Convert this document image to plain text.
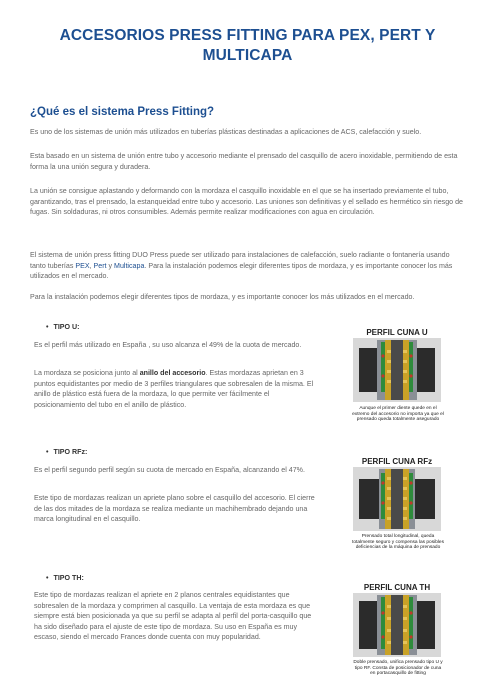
ACCESORIOS PRESS FITTING PARA PEX, PERT Y MULTICAPA
¿Qué es el sistema Press Fitting?
Es uno de los sistemas de unión más utilizados en tuberías plásticas destinadas a aplicaciones de ACS, calefacción y suelo.
Esta basado en un sistema de unión entre tubo y accesorio mediante el prensado del casquillo de acero inoxidable, permitiendo de esta forma la una unión segura y duradera.
La unión se consigue aplastando y deformando con la mordaza el casquillo inoxidable en el que se ha insertado previamente el tubo, garantizando, tras el prensado, la estanqueidad entre tubo y accesorio. Las uniones son definitivas y el sellado es hermético sin riesgo de fugas. Sin soldaduras, ni otros consumibles. Además permite realizar modificaciones con agua en circulación.
El sistema de unión press fitting DUO Press puede ser utilizado para instalaciones de calefacción, suelo radiante o fontanería usando tanto tuberías PEX, Pert y Multicapa. Para la instalación podemos elegir diferentes tipos de mordaza, y es importante conocer los más utilizados en el mercado.
Para la instalación podemos elegir diferentes tipos de mordaza, y es importante conocer los más utilizados en el mercado.
• TIPO U:
Es el perfil más utilizado en España , su uso alcanza el 49% de la cuota de mercado.
La mordaza se posiciona junto al anillo del accesorio. Estas mordazas aprietan en 3 puntos equidistantes por medio de 3 perfiles triangulares que sobresalen de la misma. El anillo de plástico está fuera de la mordaza, lo que permite ver fácilmente el posicionamiento del tubo en el anillo de plástico.
PERFIL CUNA U
Aunque el primer diente quede en el extremo del accesorio no importa ya que el prensado queda totalmente asegurado
• TIPO RFz:
Es el perfil segundo perfil según su cuota de mercado en España, alcanzando el 47%.
Este tipo de mordazas realizan un apriete plano sobre el casquillo del accesorio. El cierre de las dos mitades de la mordaza se realiza mediante un machihembrado dejando una marca longitudinal en el casquillo.
PERFIL CUNA RFz
Prensado total longitudinal, queda totalmente seguro y compensa las posibles deficiencias de la máquina de prensado
• TIPO TH:
Este tipo de mordazas realizan el apriete en 2 planos centrales equidistantes que sobresalen de la mordaza y comprimen al casquillo. La ventaja de esta mordaza es que siempre está bien posicionada ya que su perfil se adapta al perfil del porta-casquillo que ha sido diseñado para el ajuste de este tipo de mordaza. Su uso en España es muy escaso, siendo el mercado Frances donde cuenta con muy popularidad.
PERFIL CUNA TH
Doble prensado, unifica prensado tipo U y tipo RF. Consta de posicionador de cuna en portacasquillo de fitting
